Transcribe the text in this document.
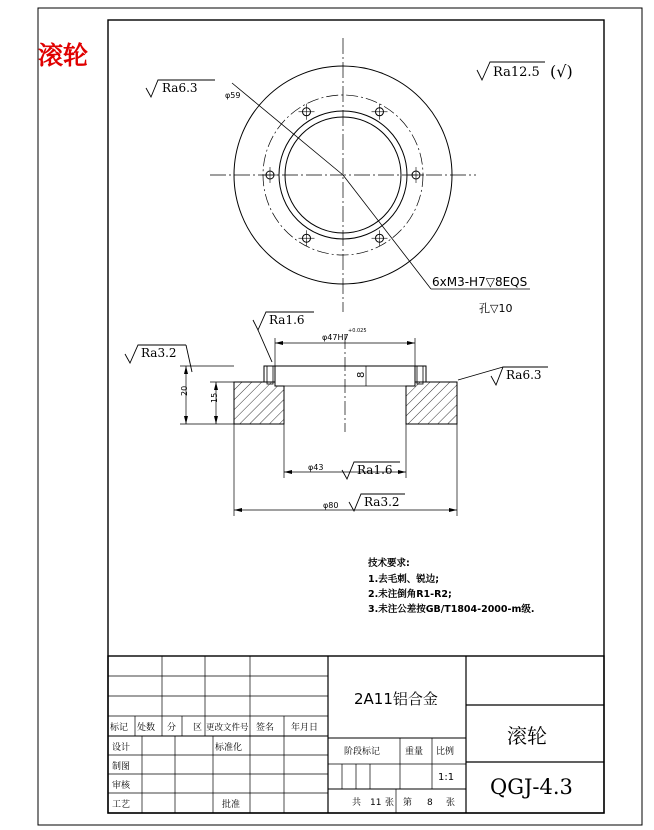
滚轮
φ59
6xM3-H7▽8EQS
孔▽10
Ra6.3
Ra12.5 (√)
φ47H7
+0.025
8
20
15
φ43
φ80
Ra1.6
Ra3.2
Ra6.3
Ra1.6
Ra3.2
技术要求:
1.去毛刺、锐边;
2.未注倒角R1-R2;
3.未注公差按GB/T1804-2000-m级.
标记 处数 分 区 更改文件号 签名 年月日
设计
制图
审核
工艺
标准化
批准
2A11铝合金
滚轮
QGJ-4.3
阶段标记	重量 比例
1:1
共 11 张 第 8 张
